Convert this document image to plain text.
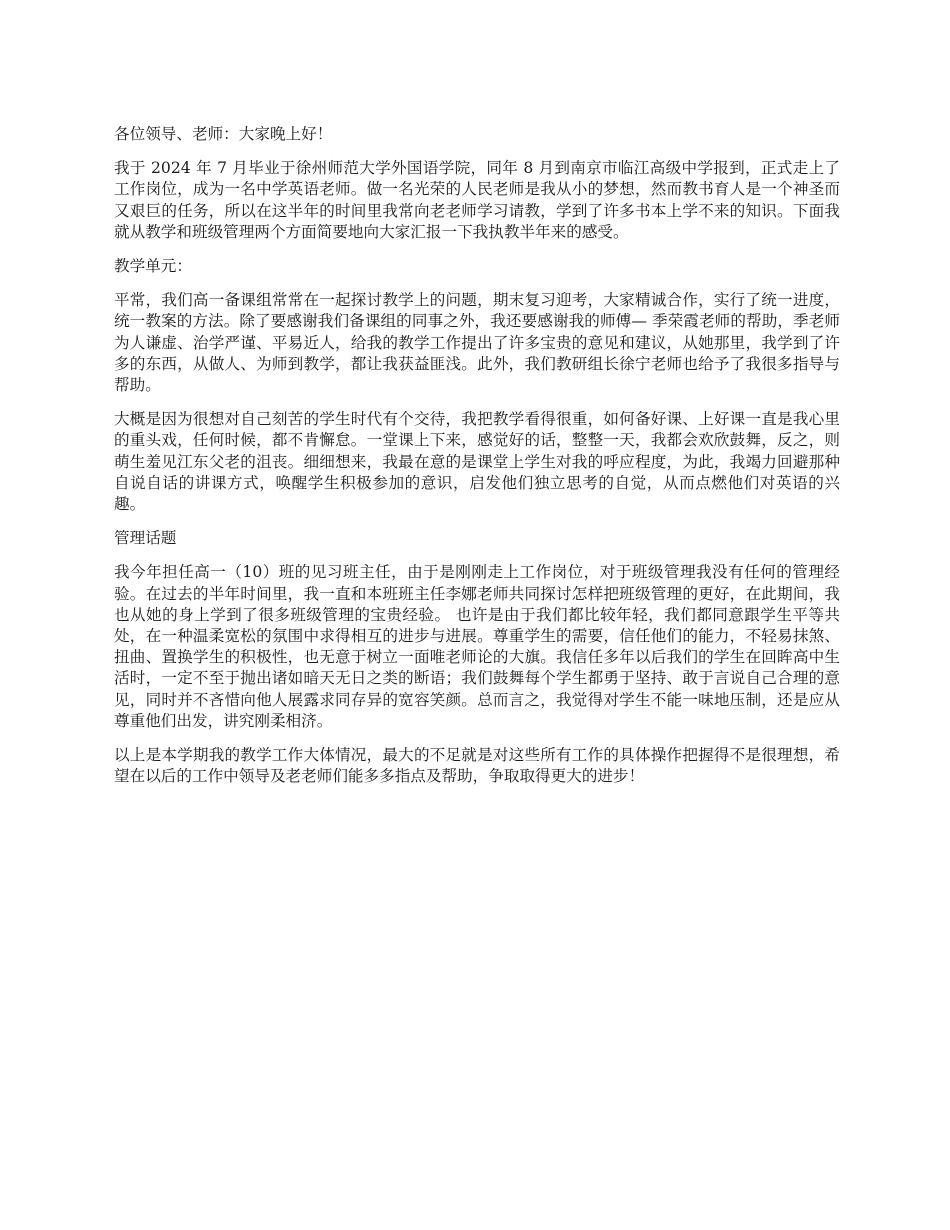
各位领导、老师：大家晚上好！

我于 2024 年 7 月毕业于徐州师范大学外国语学院，同年 8 月到南京市临江高级中学报到，正式走上了工作岗位，成为一名中学英语老师。做一名光荣的人民老师是我从小的梦想，然而教书育人是一个神圣而又艰巨的任务，所以在这半年的时间里我常向老老师学习请教，学到了许多书本上学不来的知识。下面我就从教学和班级管理两个方面简要地向大家汇报一下我执教半年来的感受。

教学单元：

平常，我们高一备课组常常在一起探讨教学上的问题，期末复习迎考，大家精诚合作，实行了统一进度，统一教案的方法。除了要感谢我们备课组的同事之外，我还要感谢我的师傅— 季荣霞老师的帮助，季老师为人谦虚、治学严谨、平易近人，给我的教学工作提出了许多宝贵的意见和建议，从她那里，我学到了许多的东西，从做人、为师到教学，都让我获益匪浅。此外，我们教研组长徐宁老师也给予了我很多指导与帮助。

大概是因为很想对自己刻苦的学生时代有个交待，我把教学看得很重，如何备好课、上好课一直是我心里的重头戏，任何时候，都不肯懈怠。一堂课上下来，感觉好的话，整整一天，我都会欢欣鼓舞，反之，则萌生羞见江东父老的沮丧。细细想来，我最在意的是课堂上学生对我的呼应程度，为此，我竭力回避那种自说自话的讲课方式，唤醒学生积极参加的意识，启发他们独立思考的自觉，从而点燃他们对英语的兴趣。

管理话题

我今年担任高一（10）班的见习班主任，由于是刚刚走上工作岗位，对于班级管理我没有任何的管理经验。在过去的半年时间里，我一直和本班班主任李娜老师共同探讨怎样把班级管理的更好，在此期间，我也从她的身上学到了很多班级管理的宝贵经验。 也许是由于我们都比较年轻，我们都同意跟学生平等共处，在一种温柔宽松的氛围中求得相互的进步与进展。尊重学生的需要，信任他们的能力，不轻易抹煞、扭曲、置换学生的积极性，也无意于树立一面唯老师论的大旗。我信任多年以后我们的学生在回眸高中生活时，一定不至于抛出诸如暗天无日之类的断语；我们鼓舞每个学生都勇于坚持、敢于言说自己合理的意见，同时并不吝惜向他人展露求同存异的宽容笑颜。总而言之，我觉得对学生不能一味地压制，还是应从尊重他们出发，讲究刚柔相济。

以上是本学期我的教学工作大体情况，最大的不足就是对这些所有工作的具体操作把握得不是很理想，希望在以后的工作中领导及老老师们能多多指点及帮助，争取取得更大的进步！
